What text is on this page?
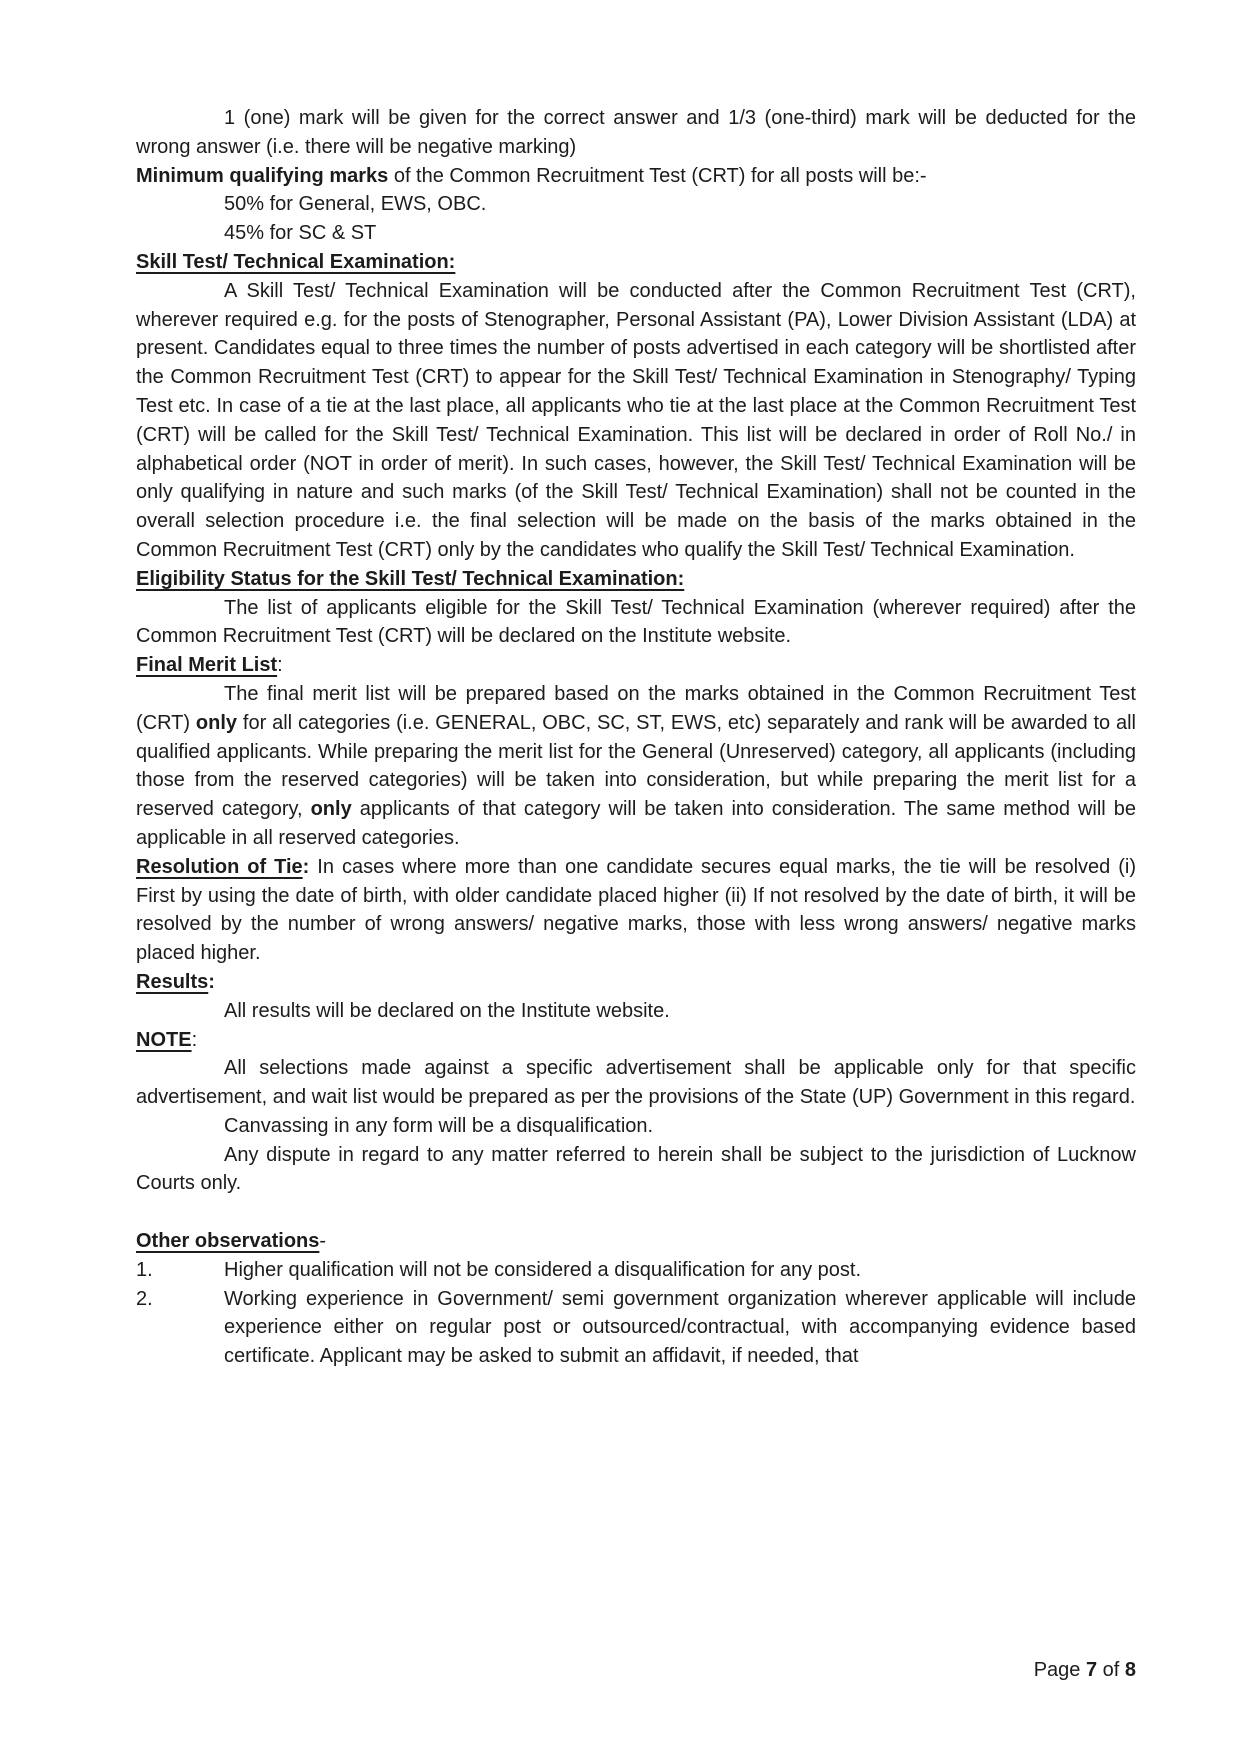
1 (one) mark will be given for the correct answer and 1/3 (one-third) mark will be deducted for the wrong answer (i.e. there will be negative marking)

Minimum qualifying marks of the Common Recruitment Test (CRT) for all posts will be:-

50% for General, EWS, OBC.

45% for SC & ST

Skill Test/ Technical Examination:

A Skill Test/ Technical Examination will be conducted after the Common Recruitment Test (CRT), wherever required e.g. for the posts of Stenographer, Personal Assistant (PA), Lower Division Assistant (LDA) at present. Candidates equal to three times the number of posts advertised in each category will be shortlisted after the Common Recruitment Test (CRT) to appear for the Skill Test/ Technical Examination in Stenography/ Typing Test etc. In case of a tie at the last place, all applicants who tie at the last place at the Common Recruitment Test (CRT) will be called for the Skill Test/ Technical Examination. This list will be declared in order of Roll No./ in alphabetical order (NOT in order of merit). In such cases, however, the Skill Test/ Technical Examination will be only qualifying in nature and such marks (of the Skill Test/ Technical Examination) shall not be counted in the overall selection procedure i.e. the final selection will be made on the basis of the marks obtained in the Common Recruitment Test (CRT) only by the candidates who qualify the Skill Test/ Technical Examination.

Eligibility Status for the Skill Test/ Technical Examination:

The list of applicants eligible for the Skill Test/ Technical Examination (wherever required) after the Common Recruitment Test (CRT) will be declared on the Institute website.

Final Merit List:

The final merit list will be prepared based on the marks obtained in the Common Recruitment Test (CRT) only for all categories (i.e. GENERAL, OBC, SC, ST, EWS, etc) separately and rank will be awarded to all qualified applicants. While preparing the merit list for the General (Unreserved) category, all applicants (including those from the reserved categories) will be taken into consideration, but while preparing the merit list for a reserved category, only applicants of that category will be taken into consideration. The same method will be applicable in all reserved categories.

Resolution of Tie: In cases where more than one candidate secures equal marks, the tie will be resolved (i) First by using the date of birth, with older candidate placed higher (ii) If not resolved by the date of birth, it will be resolved by the number of wrong answers/ negative marks, those with less wrong answers/ negative marks placed higher.

Results:

All results will be declared on the Institute website.

NOTE:

All selections made against a specific advertisement shall be applicable only for that specific advertisement, and wait list would be prepared as per the provisions of the State (UP) Government in this regard.

Canvassing in any form will be a disqualification.

Any dispute in regard to any matter referred to herein shall be subject to the jurisdiction of Lucknow Courts only.

Other observations-

1.	Higher qualification will not be considered a disqualification for any post.
2.	Working experience in Government/ semi government organization wherever applicable will include experience either on regular post or outsourced/contractual, with accompanying evidence based certificate. Applicant may be asked to submit an affidavit, if needed, that
Page 7 of 8
